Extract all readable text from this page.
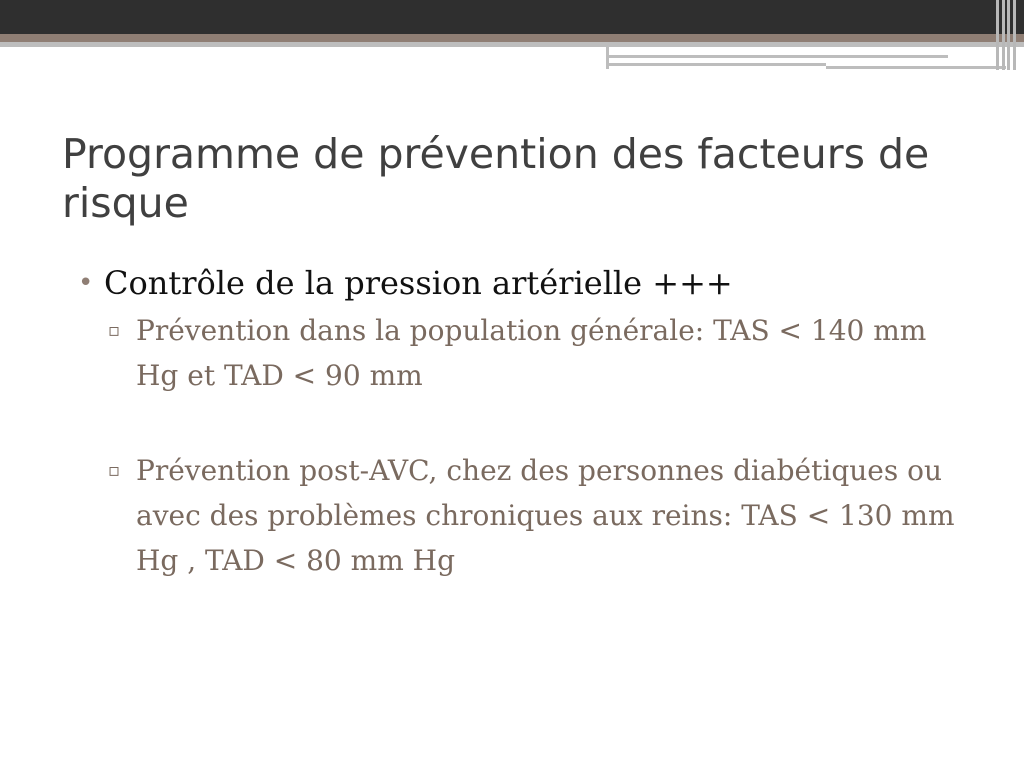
Programme de prévention des facteurs de risque

• Contrôle de la pression artérielle +++

▫ Prévention dans la population générale: TAS < 140 mm Hg et TAD < 90 mm

▫ Prévention post-AVC, chez des personnes diabétiques ou avec des problèmes chroniques aux reins: TAS < 130 mm Hg , TAD < 80 mm Hg
